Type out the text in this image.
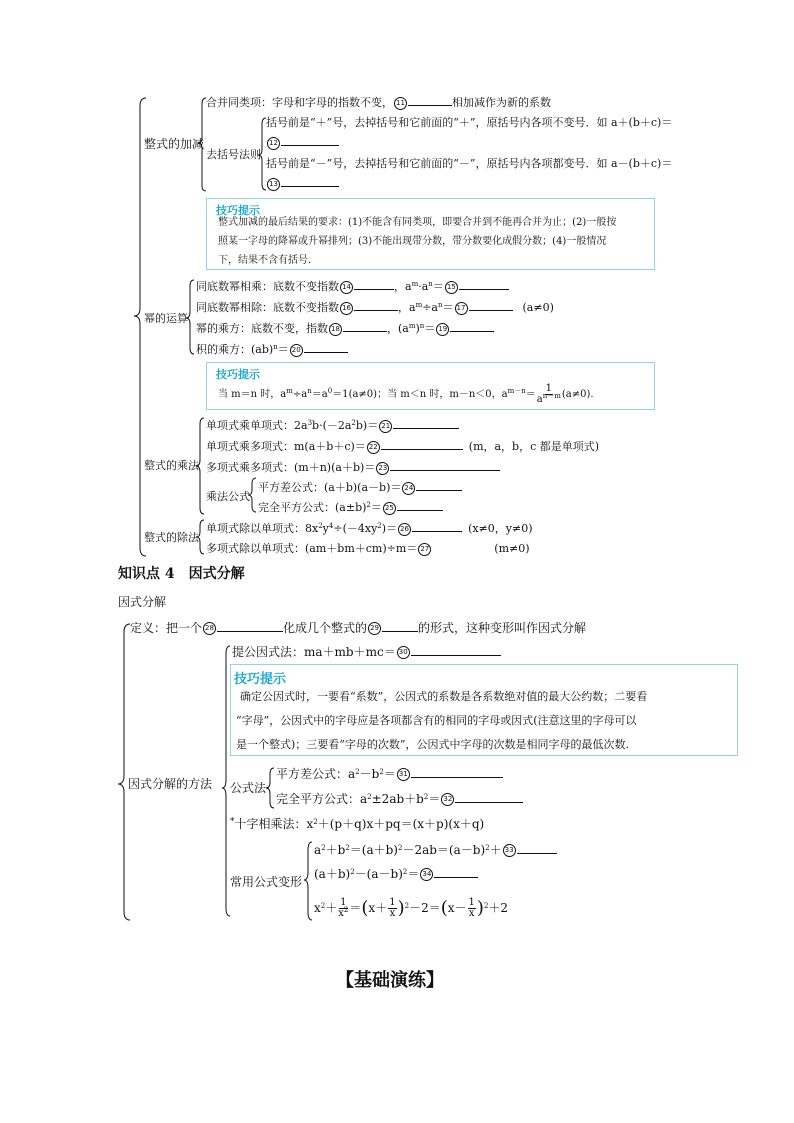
整式的加减
合并同类项：字母和字母的指数不变， 11	相加减作为新的系数
去括号法则
括号前是“＋”号，去掉括号和它前面的“＋”，原括号内各项不变号．如 a＋(b＋c)＝
12
括号前是“－”号，去掉括号和它前面的“－”，原括号内各项都变号．如 a－(b＋c)＝
13
技巧提示
整式加减的最后结果的要求：(1)不能含有同类项，即要合并到不能再合并为止；(2)一般按
照某一字母的降幂或升幂排列；(3)不能出现带分数，带分数要化成假分数；(4)一般情况
下，结果不含有括号．
幂的运算
同底数幂相乘：底数不变指数 14	，$a^m\cdot a^n= 15$
同底数幂相除：底数不变指数 16	，$a^m\div a^n= 17$	(a≠0)
幂的乘方：底数不变，指数 18	，$(a^m)^n= 19$
积的乘方：(ab)$^n$＝ 20
技巧提示
当 m＝n 时，$a^m\div a^n=a^0=1(a\ne 0)$；当 m＜n 时，m－n＜0，$a^{m-n}= \frac{1}{a^{n-m}} (a\ne 0)$.
整式的乘法
单项式乘单项式：$2a^3b\cdot(-2a^2b)= 21$
单项式乘多项式：m(a＋b＋c)＝ 22	(m，a，b，c 都是单项式)
多项式乘多项式：(m＋n)(a＋b)＝ 23
乘法公式
平方差公式：(a＋b)(a－b)＝ 24
完全平方公式：$(a\pm b)^2= 25$
整式的除法
单项式除以单项式：$8x^2y^4\div(-4xy^2)= 26$	(x≠0，y≠0)
多项式除以单项式：(am＋bm＋cm)÷m＝ 27	(m≠0)
知识点 4　因式分解
因式分解
定义：把一个 28	化成几个整式的 29	的形式，这种变形叫作因式分解
因式分解的方法
提公因式法：ma＋mb＋mc＝ 30
技巧提示
确定公因式时，一要看“系数”，公因式的系数是各系数绝对值的最大公约数；二要看
“字母”，公因式中的字母应是各项都含有的相同的字母或因式(注意这里的字母可以
是一个整式)；三要看“字母的次数”，公因式中字母的次数是相同字母的最低次数.
公式法
平方差公式：$a^2-b^2= 31$
完全平方公式：$a^2\pm 2ab+b^2= 32$
*十字相乘法：$x^2+(p+q)x+pq=(x+p)(x+q)$
常用公式变形
$a^2+b^2=(a+b)^2-2ab=(a-b)^2+ 33$
$(a+b)^2-(a-b)^2= 34$
$x^2+ \frac{1}{x^2} =(x+ \frac{1}{x} )^2-2=(x- \frac{1}{x} )^2+2$
【基础演练】
